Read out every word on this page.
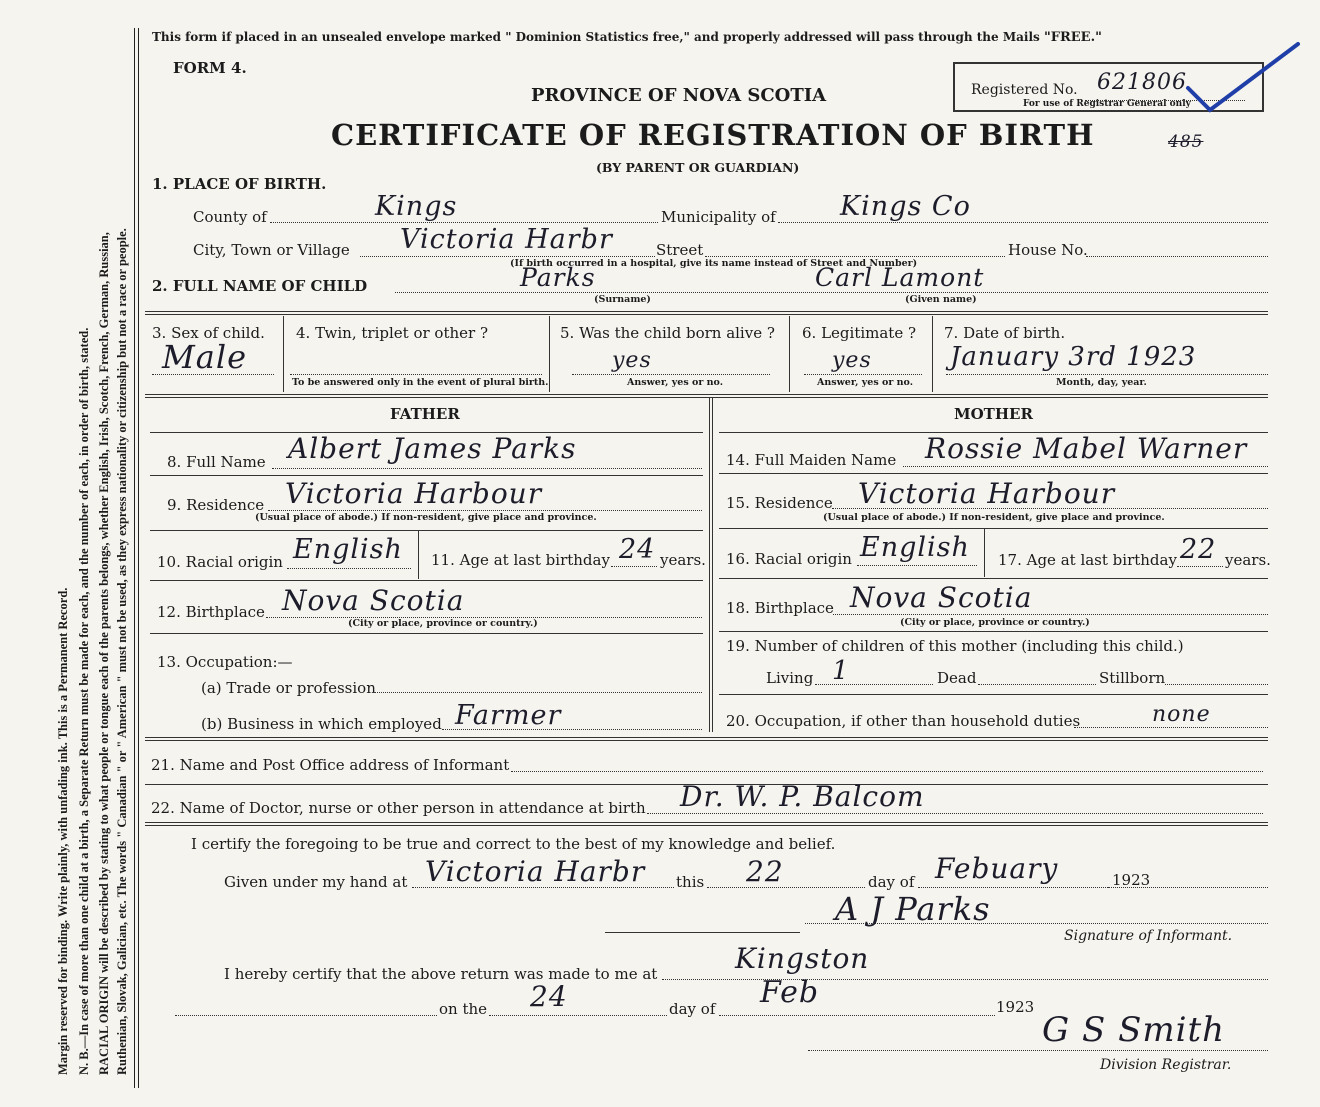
Margin reserved for binding. Write plainly, with unfading ink. This is a Permanent Record. N. B.—In case of more than one child at a birth, a Separate Return must be made for each, and the number of each, in order of birth, stated. RACIAL ORIGIN will be described by stating to what people or tongue each of the parents belongs, whether English, Irish, Scotch, French, German, Russian, Ruthenian, Slovak, Galician, etc. The words " Canadian " or " American " must not be used, as they express nationality or citizenship but not a race or people.
This form if placed in an unsealed envelope marked " Dominion Statistics free," and properly addressed will pass through the Mails "FREE."
FORM 4.
PROVINCE OF NOVA SCOTIA
CERTIFICATE OF REGISTRATION OF BIRTH
(BY PARENT OR GUARDIAN)
Registered No. 621806
For use of Registrar General only
485
1. PLACE OF BIRTH.
County of	Kings	Municipality of Kings Co
City, Town or Village Victoria Harbr	Street	House No.
(If birth occurred in a hospital, give its name instead of Street and Number)
2. FULL NAME OF CHILD	Parks
(Surname)
Carl Lamont
(Given name)
3. Sex of child.
Male
4. Twin, triplet or other ?
To be answered only in the event of plural birth.
5. Was the child born alive ?
yes
Answer, yes or no.
6. Legitimate ?
yes
Answer, yes or no.
7. Date of birth.
January 3rd 1923
Month, day, year.
FATHER	MOTHER
8. Full Name Albert James Parks
9. Residence Victoria Harbour
(Usual place of abode.) If non-resident, give place and province.
10. Racial origin English 11. Age at last birthday 24 years.
12. Birthplace Nova Scotia
(City or place, province or country.)
13. Occupation:—
(a) Trade or profession
(b) Business in which employed Farmer
14. Full Maiden Name Rossie Mabel Warner
15. Residence Victoria Harbour
(Usual place of abode.) If non-resident, give place and province.
16. Racial origin English 17. Age at last birthday 22 years.
18. Birthplace Nova Scotia
(City or place, province or country.)
19. Number of children of this mother (including this child.)
Living 1	Dead	Stillborn
20. Occupation, if other than household duties	none
21. Name and Post Office address of Informant
22. Name of Doctor, nurse or other person in attendance at birth Dr. W. P. Balcom
I certify the foregoing to be true and correct to the best of my knowledge and belief.
Given under my hand at Victoria Harbr this 22	day of Febuary	1923
A J Parks
Signature of Informant.
I hereby certify that the above return was made to me at	Kingston
on the 24	day of Feb	1923
G S Smith
Division Registrar.
